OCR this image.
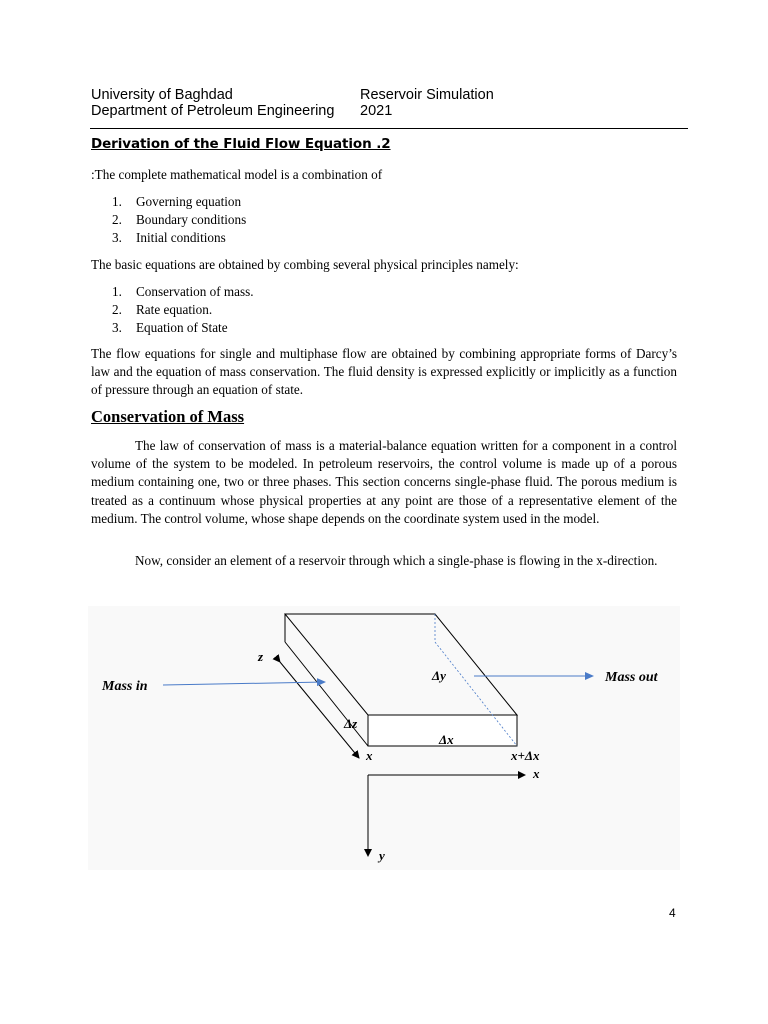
University of Baghdad
Department of Petroleum Engineering
Reservoir Simulation
2021
Derivation of the Fluid Flow Equation .2

:The complete mathematical model is a combination of

1. Governing equation
2. Boundary conditions
3. Initial conditions

The basic equations are obtained by combing several physical principles namely:

1. Conservation of mass.
2. Rate equation.
3. Equation of State

The flow equations for single and multiphase flow are obtained by combining appropriate forms of Darcy’s law and the equation of mass conservation. The fluid density is expressed explicitly or implicitly as a function of pressure through an equation of state.

Conservation of Mass

The law of conservation of mass is a material-balance equation written for a component in a control volume of the system to be modeled. In petroleum reservoirs, the control volume is made up of a porous medium containing one, two or three phases. This section concerns single-phase fluid. The porous medium is treated as a continuum whose physical properties at any point are those of a representative element of the medium. The control volume, whose shape depends on the coordinate system used in the model.

Now, consider an element of a reservoir through which a single-phase is flowing in the x-direction.

Mass in
Mass out
z
Δy
Δz
Δx
x	x+Δx
x
y
4
